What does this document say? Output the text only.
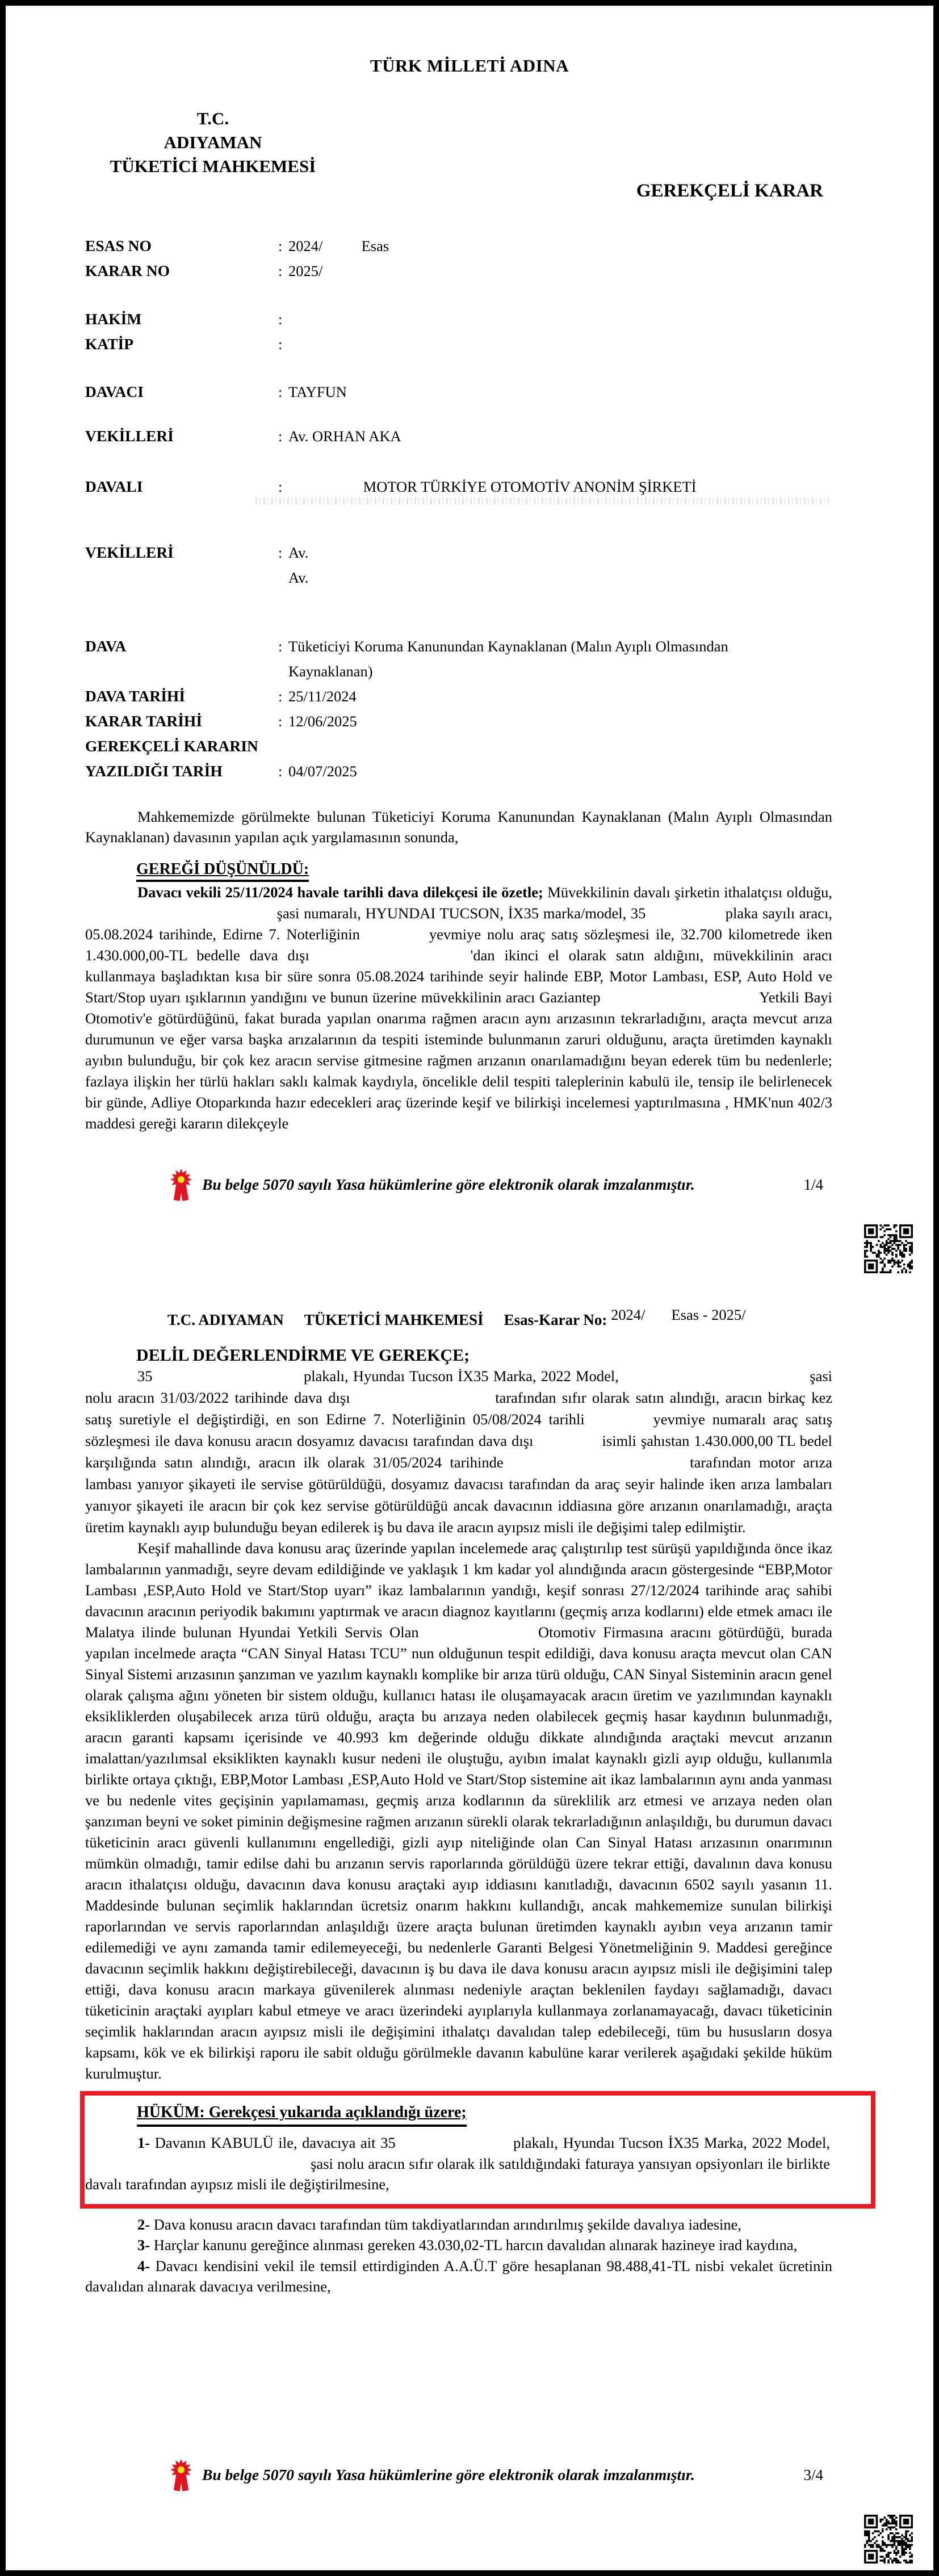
TÜRK MİLLETİ ADINA
T.C.
ADIYAMAN
TÜKETİCİ MAHKEMESİ
GEREKÇELİ KARAR
ESAS NO	: 2024/	Esas
KARAR NO	: 2025/
HAKİM	:
KATİP	:
DAVACI	: TAYFUN
VEKİLLERİ	: Av. ORHAN AKA
DAVALI	:	MOTOR TÜRKİYE OTOMOTİV ANONİM ŞİRKETİ
VEKİLLERİ	: Av.
Av.
DAVA	: Tüketiciyi Koruma Kanunundan Kaynaklanan (Malın Ayıplı Olmasından
Kaynaklanan)
DAVA TARİHİ	: 25/11/2024
KARAR TARİHİ	: 12/06/2025
GEREKÇELİ KARARIN
YAZILDIĞI TARİH	: 04/07/2025

Mahkememizde görülmekte bulunan Tüketiciyi Koruma Kanunundan Kaynaklanan (Malın Ayıplı Olmasından Kaynaklanan) davasının yapılan açık yargılamasının sonunda,

GEREĞİ DÜŞÜNÜLDÜ:

Davacı vekili 25/11/2024 havale tarihli dava dilekçesi ile özetle; Müvekkilinin davalı şirketin ithalatçısı olduğu,  şasi numaralı, HYUNDAI TUCSON, İX35 marka/model, 35	plaka sayılı aracı, 05.08.2024 tarihinde, Edirne 7. Noterliğinin	yevmiye nolu araç satış sözleşmesi ile, 32.700 kilometrede iken 1.430.000,00-TL bedelle dava dışı	'dan ikinci el olarak satın aldığını, müvekkilinin aracı kullanmaya başladıktan kısa bir süre sonra 05.08.2024 tarihinde seyir halinde EBP, Motor Lambası, ESP, Auto Hold ve Start/Stop uyarı ışıklarının yandığını ve bunun üzerine müvekkilinin aracı Gaziantep	Yetkili Bayi Otomotiv'e götürdüğünü, fakat burada yapılan onarıma rağmen aracın aynı arızasının tekrarladığını, araçta mevcut arıza durumunun ve eğer varsa başka arızalarının da tespiti isteminde bulunmanın zaruri olduğunu, araçta üretimden kaynaklı ayıbın bulunduğu, bir çok kez aracın servise gitmesine rağmen arızanın onarılamadığını beyan ederek tüm bu nedenlerle; fazlaya ilişkin her türlü hakları saklı kalmak kaydıyla, öncelikle delil tespiti taleplerinin kabulü ile, tensip ile belirlenecek bir günde, Adliye Otoparkında hazır edecekleri araç üzerinde keşif ve bilirkişi incelemesi yaptırılmasına , HMK'nun 402/3 maddesi gereği kararın dilekçeyle

Bu belge 5070 sayılı Yasa hükümlerine göre elektronik olarak imzalanmıştır.	1/4
T.C. ADIYAMAN TÜKETİCİ MAHKEMESİ Esas-Karar No: 2024/ Esas - 2025/
DELİL DEĞERLENDİRME VE GEREKÇE;

35	plakalı, Hyundaı Tucson İX35 Marka, 2022 Model,	şasi nolu aracın 31/03/2022 tarihinde dava dışı	tarafından sıfır olarak satın alındığı, aracın birkaç kez satış suretiyle el değiştirdiği, en son Edirne 7. Noterliğinin 05/08/2024 tarihli	yevmiye numaralı araç satış sözleşmesi ile dava konusu aracın dosyamız davacısı tarafından dava dışı	isimli şahıstan 1.430.000,00 TL bedel karşılığında satın alındığı, aracın ilk olarak 31/05/2024 tarihinde	tarafından motor arıza lambası yanıyor şikayeti ile servise götürüldüğü, dosyamız davacısı tarafından da araç seyir halinde iken arıza lambaları yanıyor şikayeti ile aracın bir çok kez servise götürüldüğü ancak davacının iddiasına göre arızanın onarılamadığı, araçta üretim kaynaklı ayıp bulunduğu beyan edilerek iş bu dava ile aracın ayıpsız misli ile değişimi talep edilmiştir.

Keşif mahallinde dava konusu araç üzerinde yapılan incelemede araç çalıştırılıp test sürüşü yapıldığında önce ikaz lambalarının yanmadığı, seyre devam edildiğinde ve yaklaşık 1 km kadar yol alındığında aracın göstergesinde “EBP,Motor Lambası ,ESP,Auto Hold ve Start/Stop uyarı” ikaz lambalarının yandığı, keşif sonrası 27/12/2024 tarihinde araç sahibi davacının aracının periyodik bakımını yaptırmak ve aracın diagnoz kayıtlarını (geçmiş arıza kodlarını) elde etmek amacı ile Malatya ilinde bulunan Hyundai Yetkili Servis Olan	Otomotiv Firmasına aracını götürdüğü, burada yapılan incelmede araçta “CAN Sinyal Hatası TCU” nun olduğunun tespit edildiği, dava konusu araçta mevcut olan CAN Sinyal Sistemi arızasının şanzıman ve yazılım kaynaklı komplike bir arıza türü olduğu, CAN Sinyal Sisteminin aracın genel olarak çalışma ağını yöneten bir sistem olduğu, kullanıcı hatası ile oluşamayacak aracın üretim ve yazılımından kaynaklı eksikliklerden oluşabilecek arıza türü olduğu, araçta bu arızaya neden olabilecek geçmiş hasar kaydının bulunmadığı, aracın garanti kapsamı içerisinde ve 40.993 km değerinde olduğu dikkate alındığında araçtaki mevcut arızanın imalattan/yazılımsal eksiklikten kaynaklı kusur nedeni ile oluştuğu, ayıbın imalat kaynaklı gizli ayıp olduğu, kullanımla birlikte ortaya çıktığı, EBP,Motor Lambası ,ESP,Auto Hold ve Start/Stop sistemine ait ikaz lambalarının aynı anda yanması ve bu nedenle vites geçişinin yapılamaması, geçmiş arıza kodlarının da süreklilik arz etmesi ve arızaya neden olan şanzıman beyni ve soket piminin değişmesine rağmen arızanın sürekli olarak tekrarladığının anlaşıldığı, bu durumun davacı tüketicinin aracı güvenli kullanımını engellediği, gizli ayıp niteliğinde olan Can Sinyal Hatası arızasının onarımının mümkün olmadığı, tamir edilse dahi bu arızanın servis raporlarında görüldüğü üzere tekrar ettiği, davalının dava konusu aracın ithalatçısı olduğu, davacının dava konusu araçtaki ayıp iddiasını kanıtladığı, davacının 6502 sayılı yasanın 11. Maddesinde bulunan seçimlik haklarından ücretsiz onarım hakkını kullandığı, ancak mahkememize sunulan bilirkişi raporlarından ve servis raporlarından anlaşıldığı üzere araçta bulunan üretimden kaynaklı ayıbın veya arızanın tamir edilemediği ve aynı zamanda tamir edilemeyeceği, bu nedenlerle Garanti Belgesi Yönetmeliğinin 9. Maddesi gereğince davacının seçimlik hakkını değiştirebileceği, davacının iş bu dava ile dava konusu aracın ayıpsız misli ile değişimini talep ettiği, dava konusu aracın markaya güvenilerek alınması nedeniyle araçtan beklenilen faydayı sağlamadığı, davacı tüketicinin araçtaki ayıpları kabul etmeye ve aracı üzerindeki ayıplarıyla kullanmaya zorlanamayacağı, davacı tüketicinin seçimlik haklarından aracın ayıpsız misli ile değişimini ithalatçı davalıdan talep edebileceği, tüm bu hususların dosya kapsamı, kök ve ek bilirkişi raporu ile sabit olduğu görülmekle davanın kabulüne karar verilerek aşağıdaki şekilde hüküm kurulmuştur.

HÜKÜM: Gerekçesi yukarıda açıklandığı üzere;

1- Davanın KABULÜ ile, davacıya ait 35	plakalı, Hyundaı Tucson İX35 Marka, 2022 Model,  şasi nolu aracın sıfır olarak ilk satıldığındaki faturaya yansıyan opsiyonları ile birlikte davalı tarafından ayıpsız misli ile değiştirilmesine,

2- Dava konusu aracın davacı tarafından tüm takdiyatlarından arındırılmış şekilde davalıya iadesine,

3- Harçlar kanunu gereğince alınması gereken 43.030,02-TL harcın davalıdan alınarak hazineye irad kaydına,

4- Davacı kendisini vekil ile temsil ettirdiginden A.A.Ü.T göre hesaplanan 98.488,41-TL nisbi vekalet ücretinin davalıdan alınarak davacıya verilmesine,

Bu belge 5070 sayılı Yasa hükümlerine göre elektronik olarak imzalanmıştır.	3/4
